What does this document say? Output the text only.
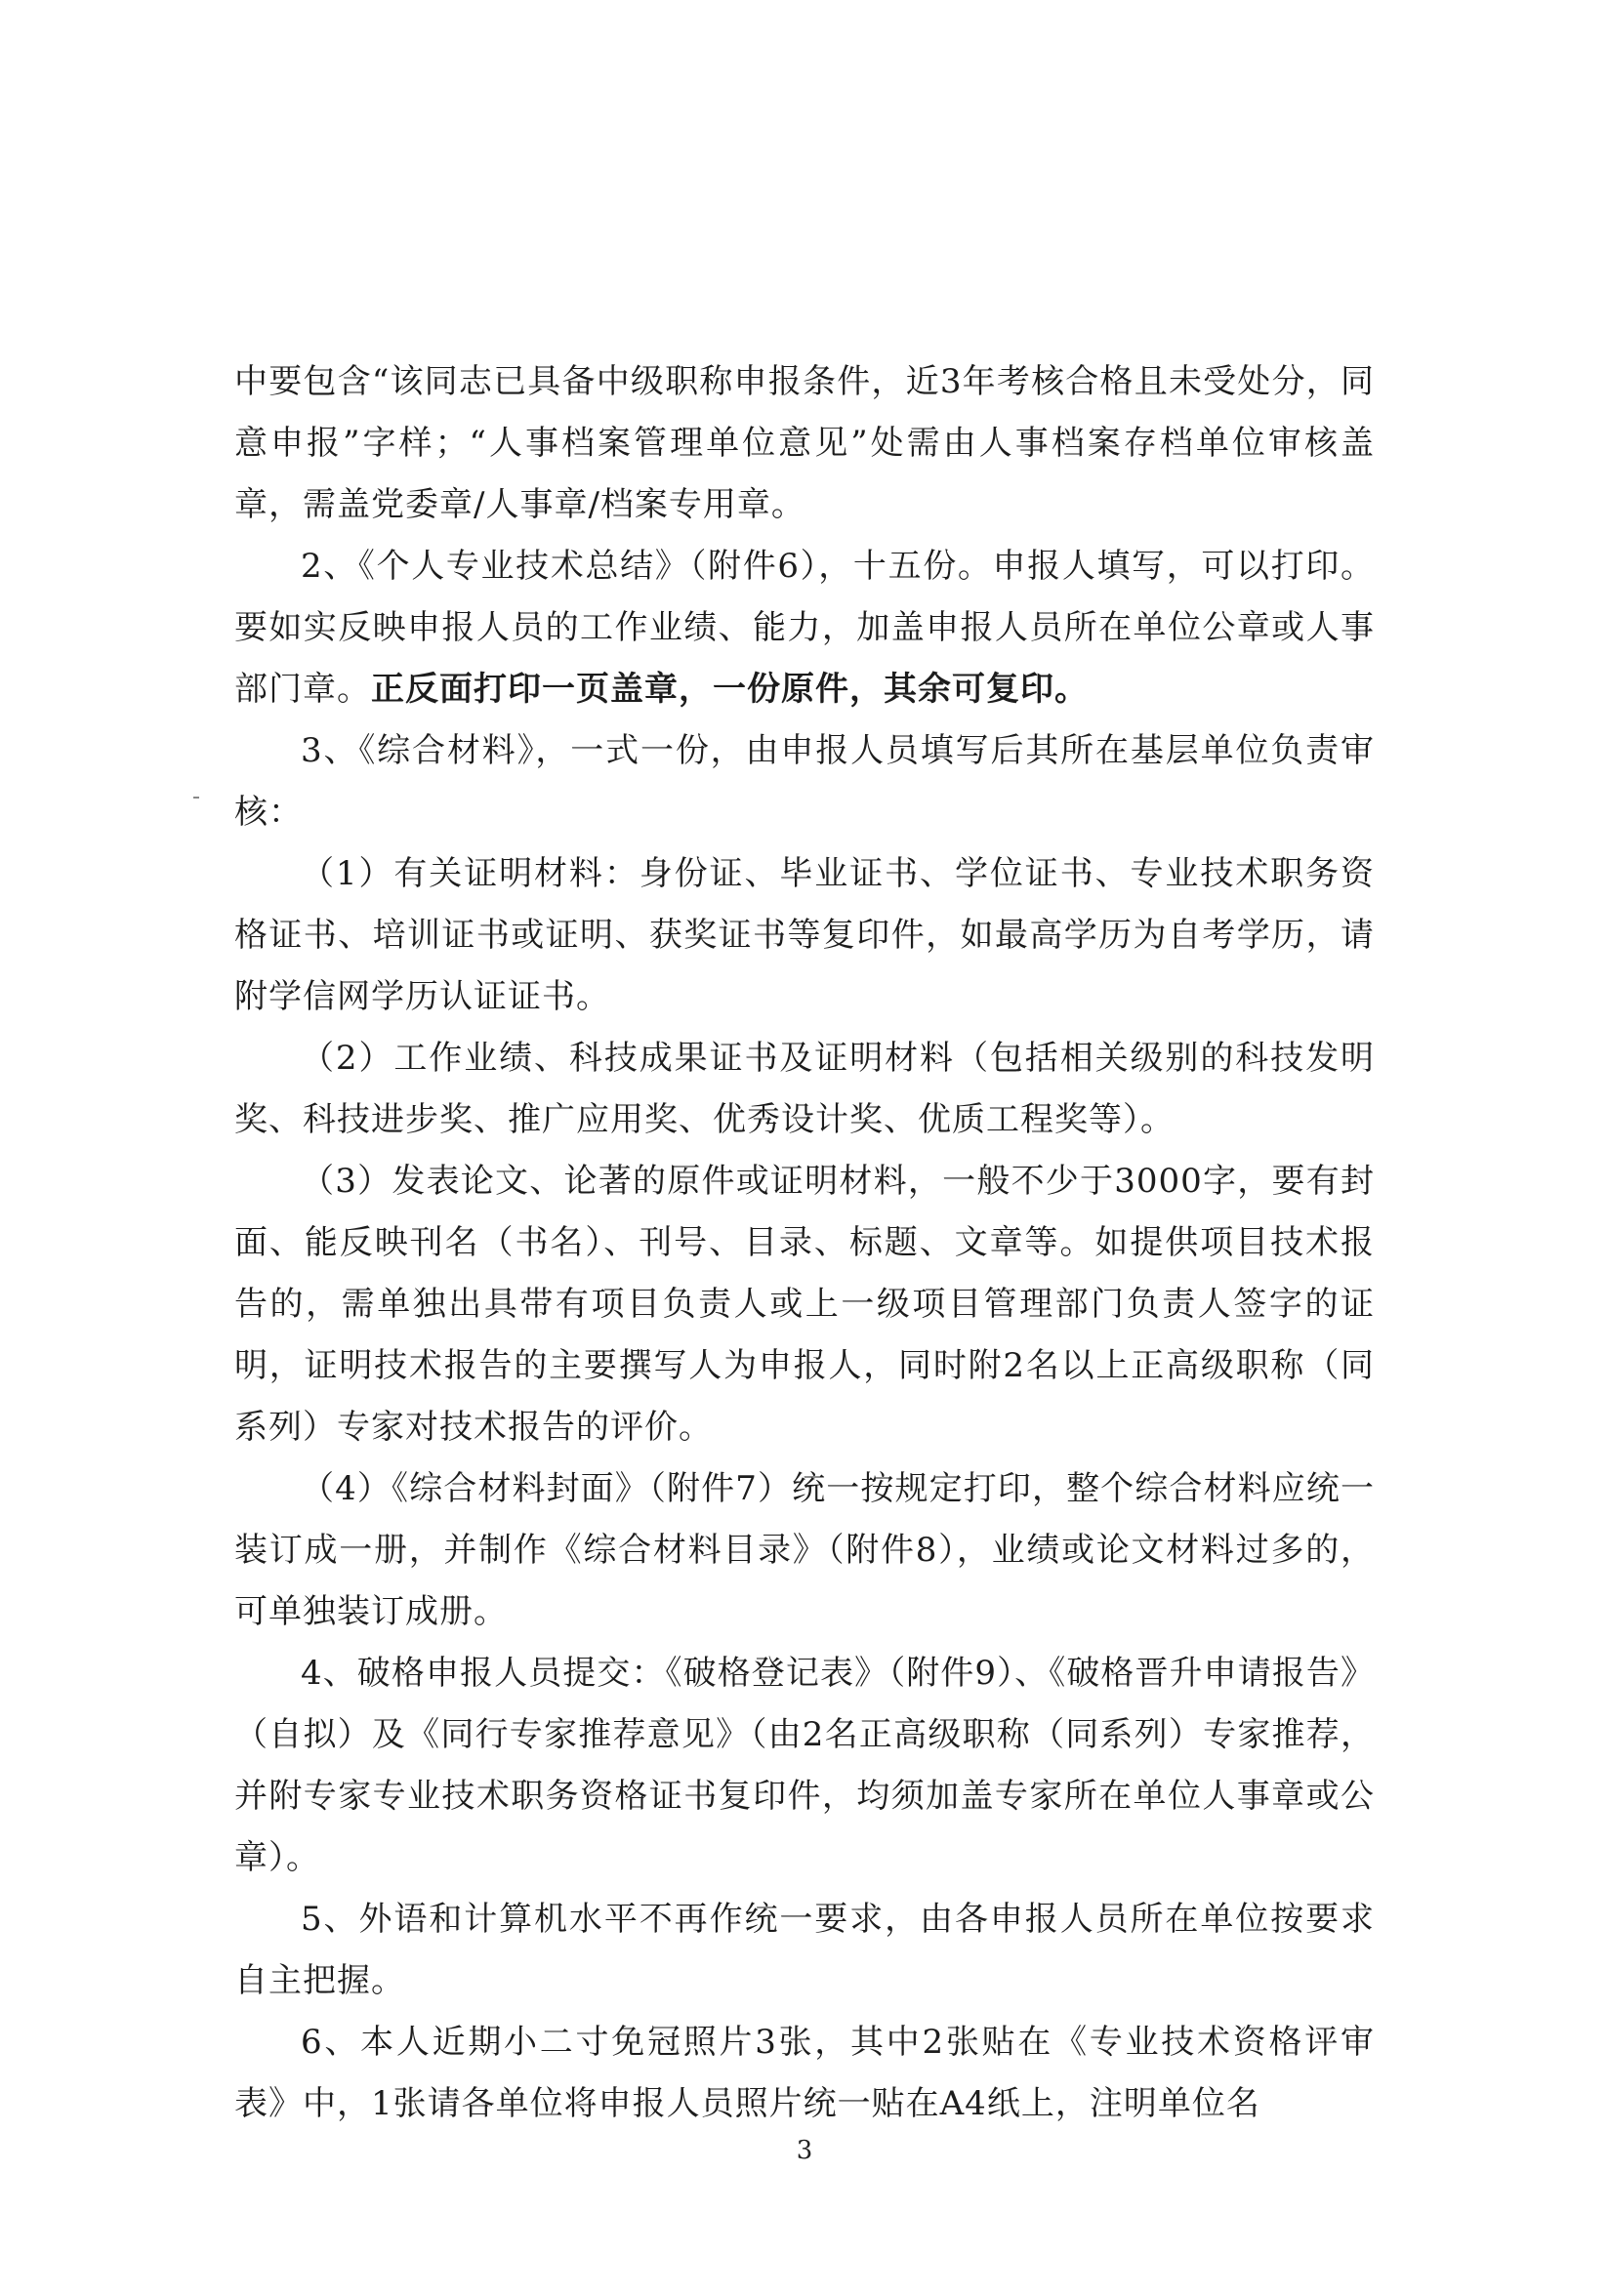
中要包含“该同志已具备中级职称申报条件，近3年考核合格且未受处分，同意申报”字样；“人事档案管理单位意见”处需由人事档案存档单位审核盖章，需盖党委章/人事章/档案专用章。

2、《个人专业技术总结》（附件6），十五份。申报人填写，可以打印。要如实反映申报人员的工作业绩、能力，加盖申报人员所在单位公章或人事部门章。正反面打印一页盖章，一份原件，其余可复印。

3、《综合材料》，一式一份，由申报人员填写后其所在基层单位负责审核：

（1）有关证明材料：身份证、毕业证书、学位证书、专业技术职务资格证书、培训证书或证明、获奖证书等复印件，如最高学历为自考学历，请附学信网学历认证证书。

（2）工作业绩、科技成果证书及证明材料（包括相关级别的科技发明奖、科技进步奖、推广应用奖、优秀设计奖、优质工程奖等）。

（3）发表论文、论著的原件或证明材料，一般不少于3000字，要有封面、能反映刊名（书名）、刊号、目录、标题、文章等。如提供项目技术报告的，需单独出具带有项目负责人或上一级项目管理部门负责人签字的证明，证明技术报告的主要撰写人为申报人，同时附2名以上正高级职称（同系列）专家对技术报告的评价。

（4）《综合材料封面》（附件7）统一按规定打印，整个综合材料应统一装订成一册，并制作《综合材料目录》（附件8），业绩或论文材料过多的，可单独装订成册。

4、破格申报人员提交：《破格登记表》（附件9）、《破格晋升申请报告》（自拟）及《同行专家推荐意见》（由2名正高级职称（同系列）专家推荐，并附专家专业技术职务资格证书复印件，均须加盖专家所在单位人事章或公章）。

5、外语和计算机水平不再作统一要求，由各申报人员所在单位按要求自主把握。

6、本人近期小二寸免冠照片3张，其中2张贴在《专业技术资格评审表》中，1张请各单位将申报人员照片统一贴在A4纸上，注明单位名

3
